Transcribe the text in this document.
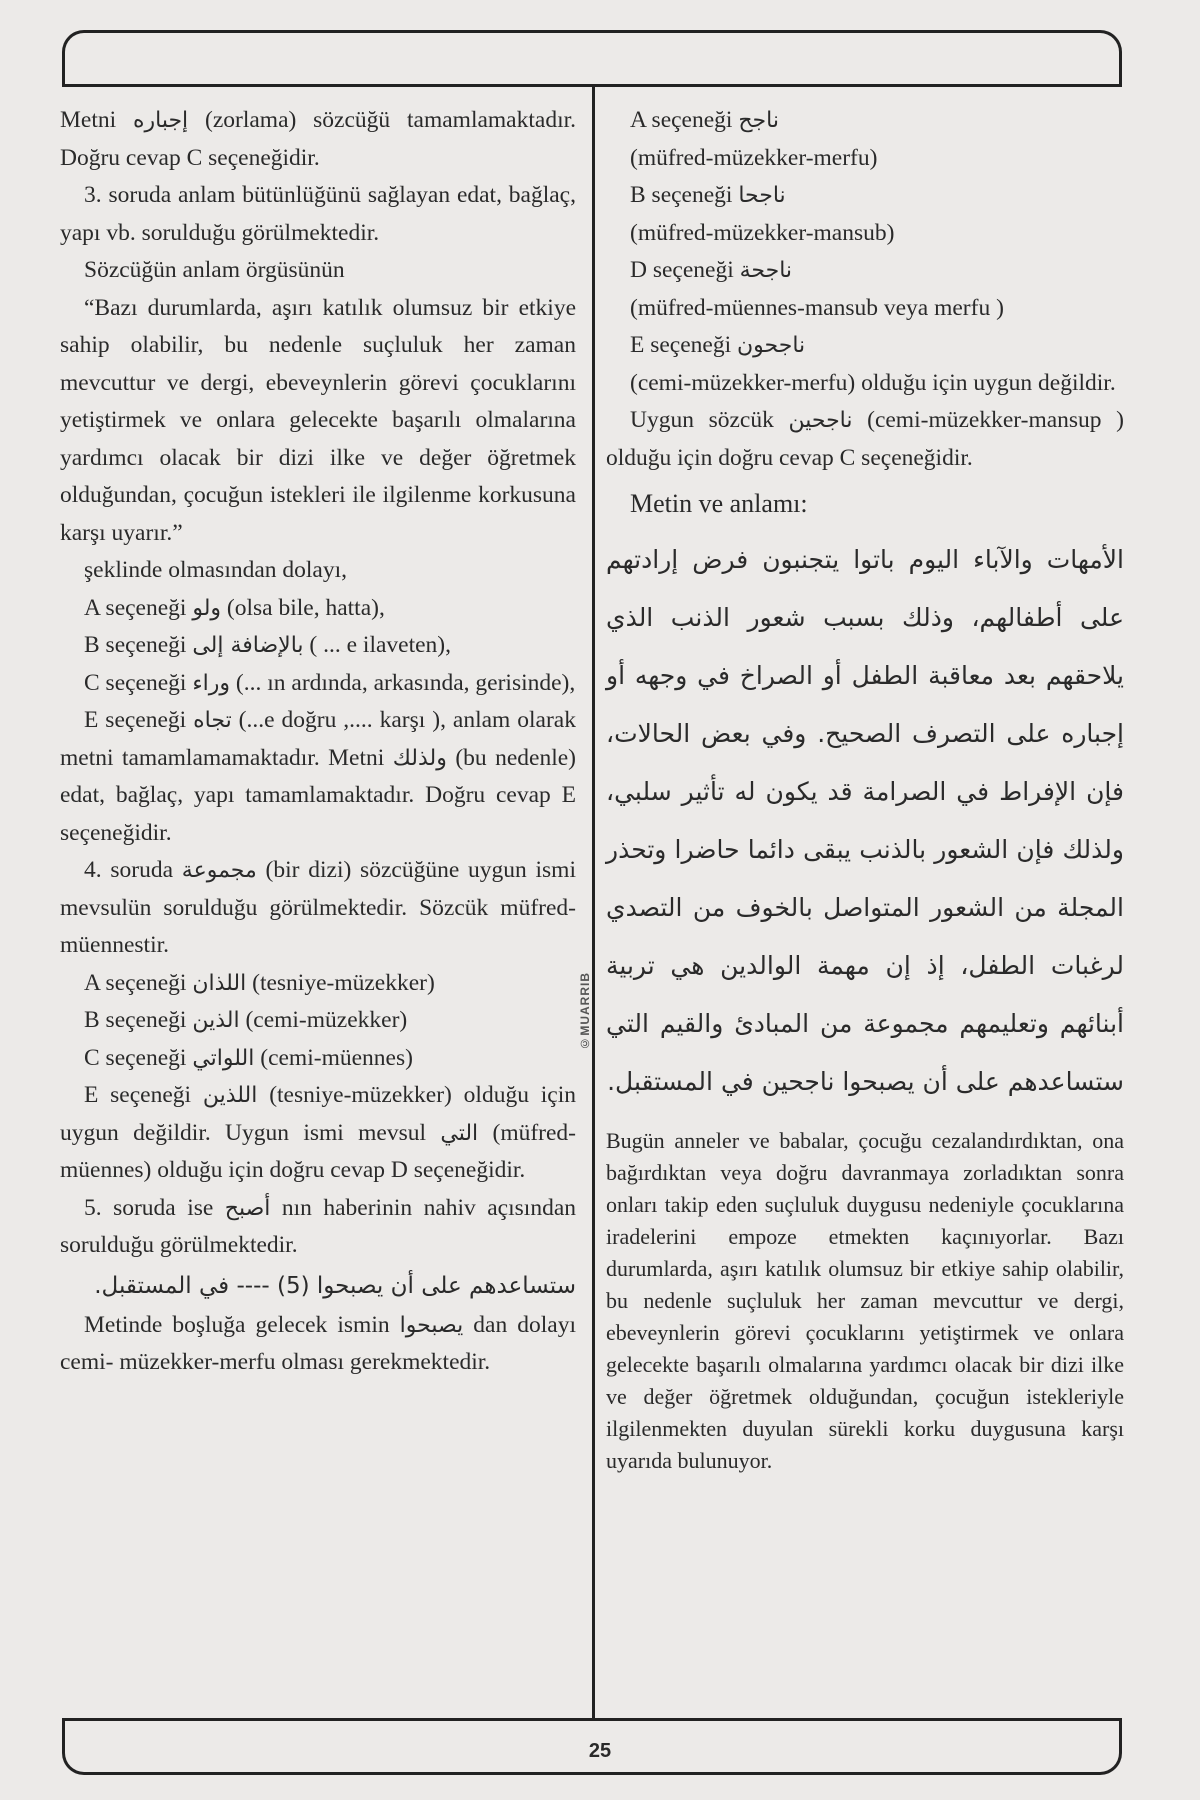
©MUARRIB

Metni إجباره (zorlama) sözcüğü tamamlamaktadır. Doğru cevap C seçeneğidir.

3. soruda anlam bütünlüğünü sağlayan edat, bağlaç, yapı vb. sorulduğu görülmektedir.

Sözcüğün anlam örgüsünün

“Bazı durumlarda, aşırı katılık olumsuz bir etkiye sahip olabilir, bu nedenle suçluluk her zaman mevcuttur ve dergi, ebeveynlerin görevi çocuklarını yetiştirmek ve onlara gelecekte başarılı olmalarına yardımcı olacak bir dizi ilke ve değer öğretmek olduğundan, çocuğun istekleri ile ilgilenme korkusuna karşı uyarır.”

şeklinde olmasından dolayı,

A seçeneği ولو (olsa bile, hatta),

B seçeneği بالإضافة إلى ( ... e ilaveten),

C seçeneği وراء (... ın ardında, arkasında, gerisinde),

E seçeneği تجاه (...e doğru ,.... karşı ), anlam olarak metni tamamlamamaktadır. Metni ولذلك (bu nedenle) edat, bağlaç, yapı tamamlamaktadır. Doğru cevap E seçeneğidir.

4. soruda مجموعة (bir dizi) sözcüğüne uygun ismi mevsulün sorulduğu görülmektedir. Sözcük müfred-müennestir.

A seçeneği اللذان (tesniye-müzekker)

B seçeneği الذين (cemi-müzekker)

C seçeneği اللواتي (cemi-müennes)

E seçeneği اللذين (tesniye-müzekker) olduğu için uygun değildir. Uygun ismi mevsul التي (müfred-müennes) olduğu için doğru cevap D seçeneğidir.

5. soruda ise أصبح nın haberinin nahiv açısından sorulduğu görülmektedir.

ستساعدهم على أن يصبحوا (5) ---- في المستقبل.

Metinde boşluğa gelecek ismin يصبحوا dan dolayı cemi- müzekker-merfu olması gerekmektedir.

A seçeneği ناجح

(müfred-müzekker-merfu)

B seçeneği ناجحا

(müfred-müzekker-mansub)

D seçeneği ناجحة

(müfred-müennes-mansub veya merfu )

E seçeneği ناجحون

(cemi-müzekker-merfu) olduğu için uygun değildir.

Uygun sözcük ناجحين (cemi-müzekker-mansup ) olduğu için doğru cevap C seçeneğidir.

Metin ve anlamı:

الأمهات والآباء اليوم باتوا يتجنبون فرض إرادتهم على أطفالهم، وذلك بسبب شعور الذنب الذي يلاحقهم بعد معاقبة الطفل أو الصراخ في وجهه أو إجباره على التصرف الصحيح. وفي بعض الحالات، فإن الإفراط في الصرامة قد يكون له تأثير سلبي، ولذلك فإن الشعور بالذنب يبقى دائما حاضرا وتحذر المجلة من الشعور المتواصل بالخوف من التصدي لرغبات الطفل، إذ إن مهمة الوالدين هي تربية أبنائهم وتعليمهم مجموعة من المبادئ والقيم التي ستساعدهم على أن يصبحوا ناجحين في المستقبل.

Bugün anneler ve babalar, çocuğu cezalandırdıktan, ona bağırdıktan veya doğru davranmaya zorladıktan sonra onları takip eden suçluluk duygusu nedeniyle çocuklarına iradelerini empoze etmekten kaçınıyorlar. Bazı durumlarda, aşırı katılık olumsuz bir etkiye sahip olabilir, bu nedenle suçluluk her zaman mevcuttur ve dergi, ebeveynlerin görevi çocuklarını yetiştirmek ve onlara gelecekte başarılı olmalarına yardımcı olacak bir dizi ilke ve değer öğretmek olduğundan, çocuğun istekleriyle ilgilenmekten duyulan sürekli korku duygusuna karşı uyarıda bulunuyor.

25
